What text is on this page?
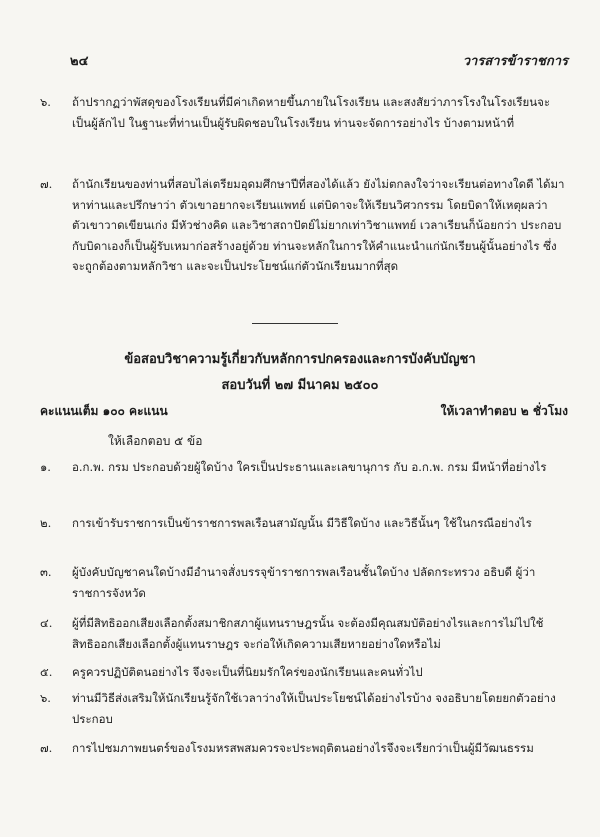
๒๔	วารสารข้าราชการ
๖.	ถ้าปรากฏว่าพัสดุของโรงเรียนที่มีค่าเกิดหายขึ้นภายในโรงเรียน และสงสัยว่าภารโรงในโรงเรียนจะเป็นผู้ลักไป ในฐานะที่ท่านเป็นผู้รับผิดชอบในโรงเรียน ท่านจะจัดการอย่างไร บ้างตามหน้าที่
๗.	ถ้านักเรียนของท่านที่สอบไล่เตรียมอุดมศึกษาปีที่สองได้แล้ว ยังไม่ตกลงใจว่าจะเรียนต่อทางใดดี ได้มาหาท่านและปรึกษาว่า ตัวเขาอยากจะเรียนแพทย์ แต่บิดาจะให้เรียนวิศวกรรม โดยบิดาให้เหตุผลว่า ตัวเขาวาดเขียนเก่ง มีหัวช่างคิด และวิชาสถาปัตย์ไม่ยากเท่าวิชาแพทย์ เวลาเรียนก็น้อยกว่า ประกอบกับบิดาเองก็เป็นผู้รับเหมาก่อสร้างอยู่ด้วย ท่านจะหลักในการให้คำแนะนำแก่นักเรียนผู้นั้นอย่างไร ซึ่งจะถูกต้องตามหลักวิชา และจะเป็นประโยชน์แก่ตัวนักเรียนมากที่สุด
ข้อสอบวิชาความรู้เกี่ยวกับหลักการปกครองและการบังคับบัญชา
สอบวันที่ ๒๗ มีนาคม ๒๕๐๐
คะแนนเต็ม ๑๐๐ คะแนน	ให้เวลาทำตอบ ๒ ชั่วโมง
ให้เลือกตอบ ๕ ข้อ
๑.	อ.ก.พ. กรม ประกอบด้วยผู้ใดบ้าง ใครเป็นประธานและเลขานุการ กับ อ.ก.พ. กรม มีหน้าที่อย่างไร
๒.	การเข้ารับราชการเป็นข้าราชการพลเรือนสามัญนั้น มีวิธีใดบ้าง และวิธีนั้นๆ ใช้ในกรณีอย่างไร
๓.	ผู้บังคับบัญชาคนใดบ้างมีอำนาจสั่งบรรจุข้าราชการพลเรือนชั้นใดบ้าง ปลัดกระทรวง อธิบดี ผู้ว่าราชการจังหวัด
๔.	ผู้ที่มีสิทธิออกเสียงเลือกตั้งสมาชิกสภาผู้แทนราษฎรนั้น จะต้องมีคุณสมบัติอย่างไรและการไม่ไปใช้สิทธิออกเสียงเลือกตั้งผู้แทนราษฎร จะก่อให้เกิดความเสียหายอย่างใดหรือไม่
๕.	ครูควรปฏิบัติตนอย่างไร จึงจะเป็นที่นิยมรักใคร่ของนักเรียนและคนทั่วไป
๖.	ท่านมีวิธีส่งเสริมให้นักเรียนรู้จักใช้เวลาว่างให้เป็นประโยชน์ได้อย่างไรบ้าง จงอธิบายโดยยกตัวอย่างประกอบ
๗.	การไปชมภาพยนตร์ของโรงมหรสพสมควรจะประพฤติตนอย่างไรจึงจะเรียกว่าเป็นผู้มีวัฒนธรรม
